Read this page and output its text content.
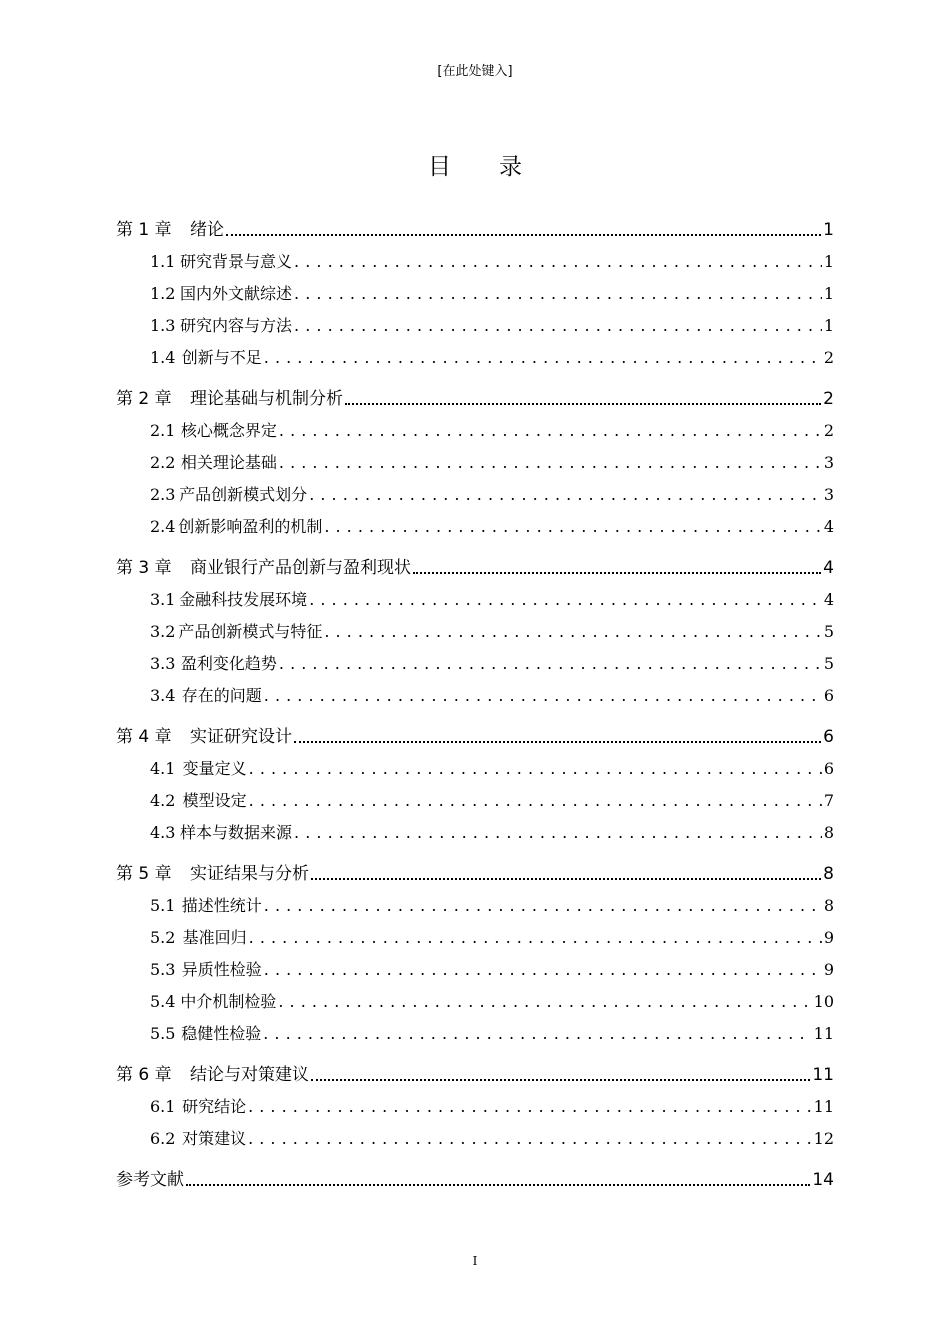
[在此处键入]
目录
第 1 章	绪论	1
1.1 研究背景与意义 . . .	1
1.2 国内外文献综述 . . .	1
1.3 研究内容与方法 . . .	1
1.4 创新与不足 . . .	2
第 2 章	理论基础与机制分析	2
2.1 核心概念界定 . . .	2
2.2 相关理论基础 . . .	3
2.3 产品创新模式划分 . . .	3
2.4 创新影响盈利的机制 . . .	4
第 3 章	商业银行产品创新与盈利现状	4
3.1 金融科技发展环境 . . .	4
3.2 产品创新模式与特征 . . .	5
3.3 盈利变化趋势 . . .	5
3.4 存在的问题 . . .	6
第 4 章	实证研究设计	6
4.1 变量定义 . . .	6
4.2 模型设定 . . .	7
4.3 样本与数据来源 . . .	8
第 5 章	实证结果与分析	8
5.1 描述性统计 . . .	8
5.2 基准回归 . . .	9
5.3 异质性检验 . . .	9
5.4 中介机制检验 . . .	10
5.5 稳健性检验 . . .	11
第 6 章	结论与对策建议	11
6.1 研究结论 . . .	11
6.2 对策建议 . . .	12
参考文献	14
I
